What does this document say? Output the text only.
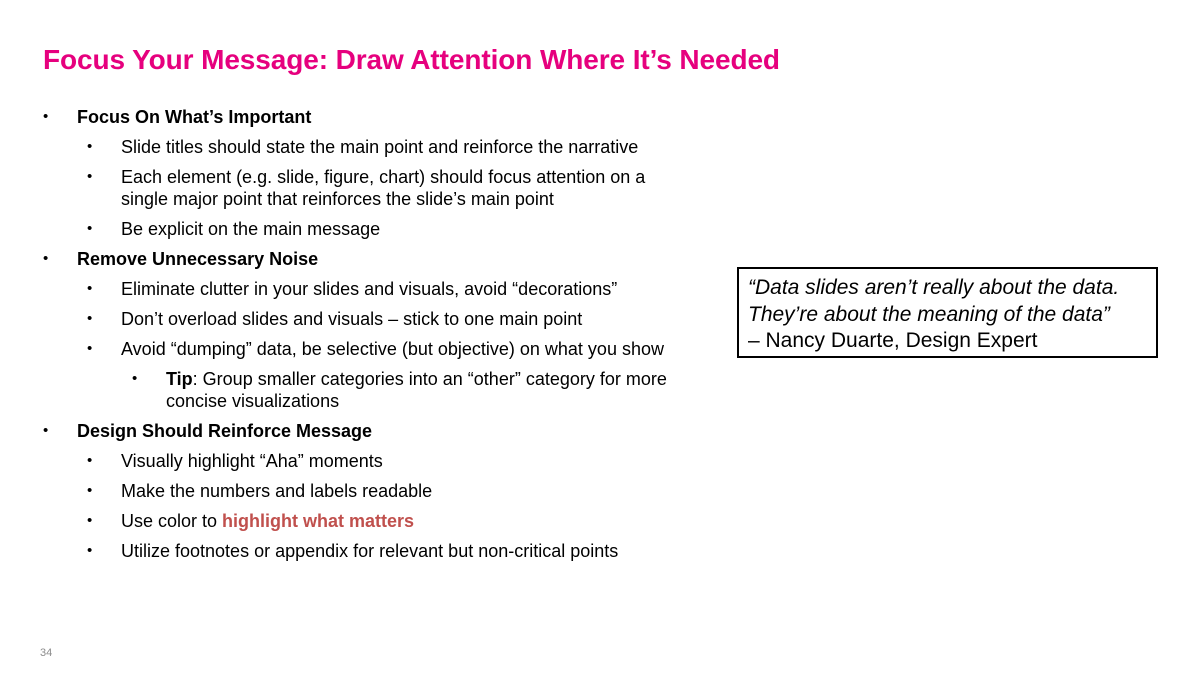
Focus Your Message: Draw Attention Where It’s Needed
• Focus On What’s Important
• Slide titles should state the main point and reinforce the narrative
• Each element (e.g. slide, figure, chart) should focus attention on a single major point that reinforces the slide’s main point
• Be explicit on the main message
• Remove Unnecessary Noise
• Eliminate clutter in your slides and visuals, avoid “decorations”
• Don’t overload slides and visuals – stick to one main point
• Avoid “dumping” data, be selective (but objective) on what you show
• Tip: Group smaller categories into an “other” category for more concise visualizations
• Design Should Reinforce Message
• Visually highlight “Aha” moments
• Make the numbers and labels readable
• Use color to highlight what matters
• Utilize footnotes or appendix for relevant but non-critical points
“Data slides aren’t really about the data.
They’re about the meaning of the data”
– Nancy Duarte, Design Expert
34
